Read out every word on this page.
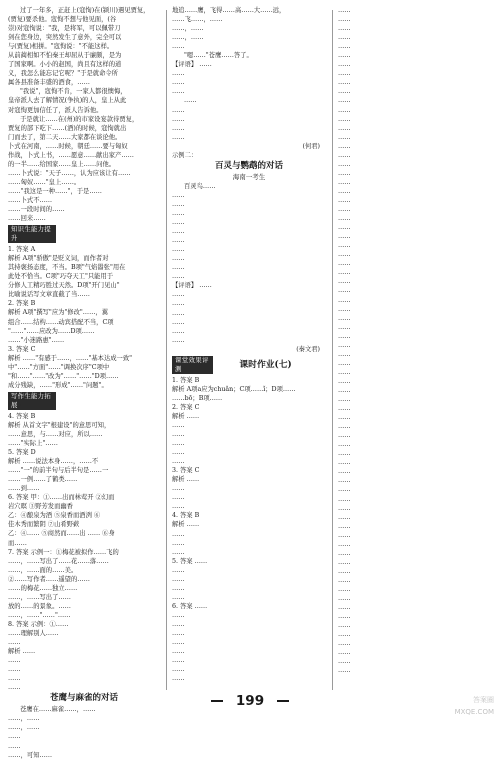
过了一年多，正赶上(寇恂)在(颍川)遇见贾复，
(贾复)要杀他。寇恂不想与他见面，(谷
崇)对寇恂说："我，是将军，可以佩带刀
剑在您身边，突然发生了意外，完全可以
与(贾复)相拼。"寇恂说："不能这样。
从前蔺相如不怕秦王却屈从于廉颇，是为
了国家啊。小小的赵国，尚且有这样的道
义，我怎么能忘记它呢？"于是就命令所
属各县准备丰盛的酒食，……
"我说"，寇恂不肯，一家人都很懊悔，
皇帝派人去了解情况(争执)的人，皇上从此
对寇恂更加信任了，派人告诉他。
于是就让……在(州)的市家设宴款待贾复，
贾复的部下吃下……(酒)的时候，寇恂就出
门而去了，第二天……大家都在谈论他。
卜式在河南，……时候，朝廷……要与匈奴
作战，卜式上书，……愿意……献出家产……
的一半……给国家……皇上……问他。
……卜式说："天子……，认为应该让有……
……匈奴……"皇上……。
……"我这是一种……"，于是……
……卜式不……
……一段时间的……
……回来……
知识生能力提升
1. 答案 A
解析 A项"骄傲"是贬义词，而作者对
其持褒扬态度，不当。B项"气焰嚣张"用在
此处不恰当。C项"巧夺天工"只能用于
分修人工精巧胜过天然。D项"开门见山"
比喻说话写文章直截了当……
2. 答案 B
解析 A项"撰写"应为"修改"……，翼
组合……结构……动宾搭配不当，C项
"……"……应改为……D项……
……"小迷路惠"……
3. 答案 C
解析 ……"有感于……，……"基本达成一致"
中"……"方面"……"调换次序"C项中
"和……"……"改为"……"……"D项……
成分残缺，……"形成"……"问题"。
写作生能力拓展
4. 答案 B
解析 从首文字"根建设"的意思可知，
……意思，与……对应，所以……
……"实际上"……
5. 答案 D
解析 ……说法本身……，……不
……"一"的前半句与后半句是……一
……一例……了鹤类……
……到……
6. 答案 甲：①……出而林莺开 ②幻而
岩穴暝 ③野芳发而幽香
乙：④酿泉为酒 ⑤泉香而酒洌 ⑥
佳木秀而繁阴 ⑦山肴野蔌
乙：④…… ⑤商然而……出 …… ⑥身
而……
7. 答案 示例一：①梅花被拟作……飞的
……，……写出了……花……落……
……，……面的……美。
②……写作者……遥望的……
……的梅花……独立……
……，……写出了……
放的……的景象。……
……，……"……"……
8. 答案 示例：①……
……理解别人……
……
解析 ……
……
……
……
……
苍鹰与麻雀的对话
苍鹰在……麻雀……，……
……，……
……，……
……
……
……，可知……
地追……鹰，飞得……高……大……远，
……飞……，……
……，……
……，……
……
"嗯……"苍鹰……答了。
【评语】 ……
……
……
……
……
……
……
……
……
(何君)
示例二：
百灵与鹦鹉的对话
海南一考生
百灵鸟……
……
……
……
……
……
……
……
……
……
……
【评语】 ……
……
……
……
……
……
……
(秦文君)
课堂效果评测
1. 答案 B
解析 A项a应为chuǎn；C项……ǐ；D项……
……bō；B项……
2. 答案 C
解析 ……
……
……
……
……
……
3. 答案 C
解析 ……
……
……
……
4. 答案 B
解析 ……
……
……
……
5. 答案 ……
……
……
……
……
6. 答案 ……
……
……
……
……
……
……
……
……
……
……
……
……
……
……
……
……
……
……
……
……
……
……
……
……
……
……
……
……
……
……
……
……
……
……
……
……
……
……
……
……
……
……
……
……
……
……
……
……
……
……
……
……
……
……
……
……
……
……
……
……
……
……
……
……
……
……
……
……
……
……
……
……
……
……
……
……
……
……
……
……
……
……
课时作业(七)
199	答案圈
MXQE.COM
